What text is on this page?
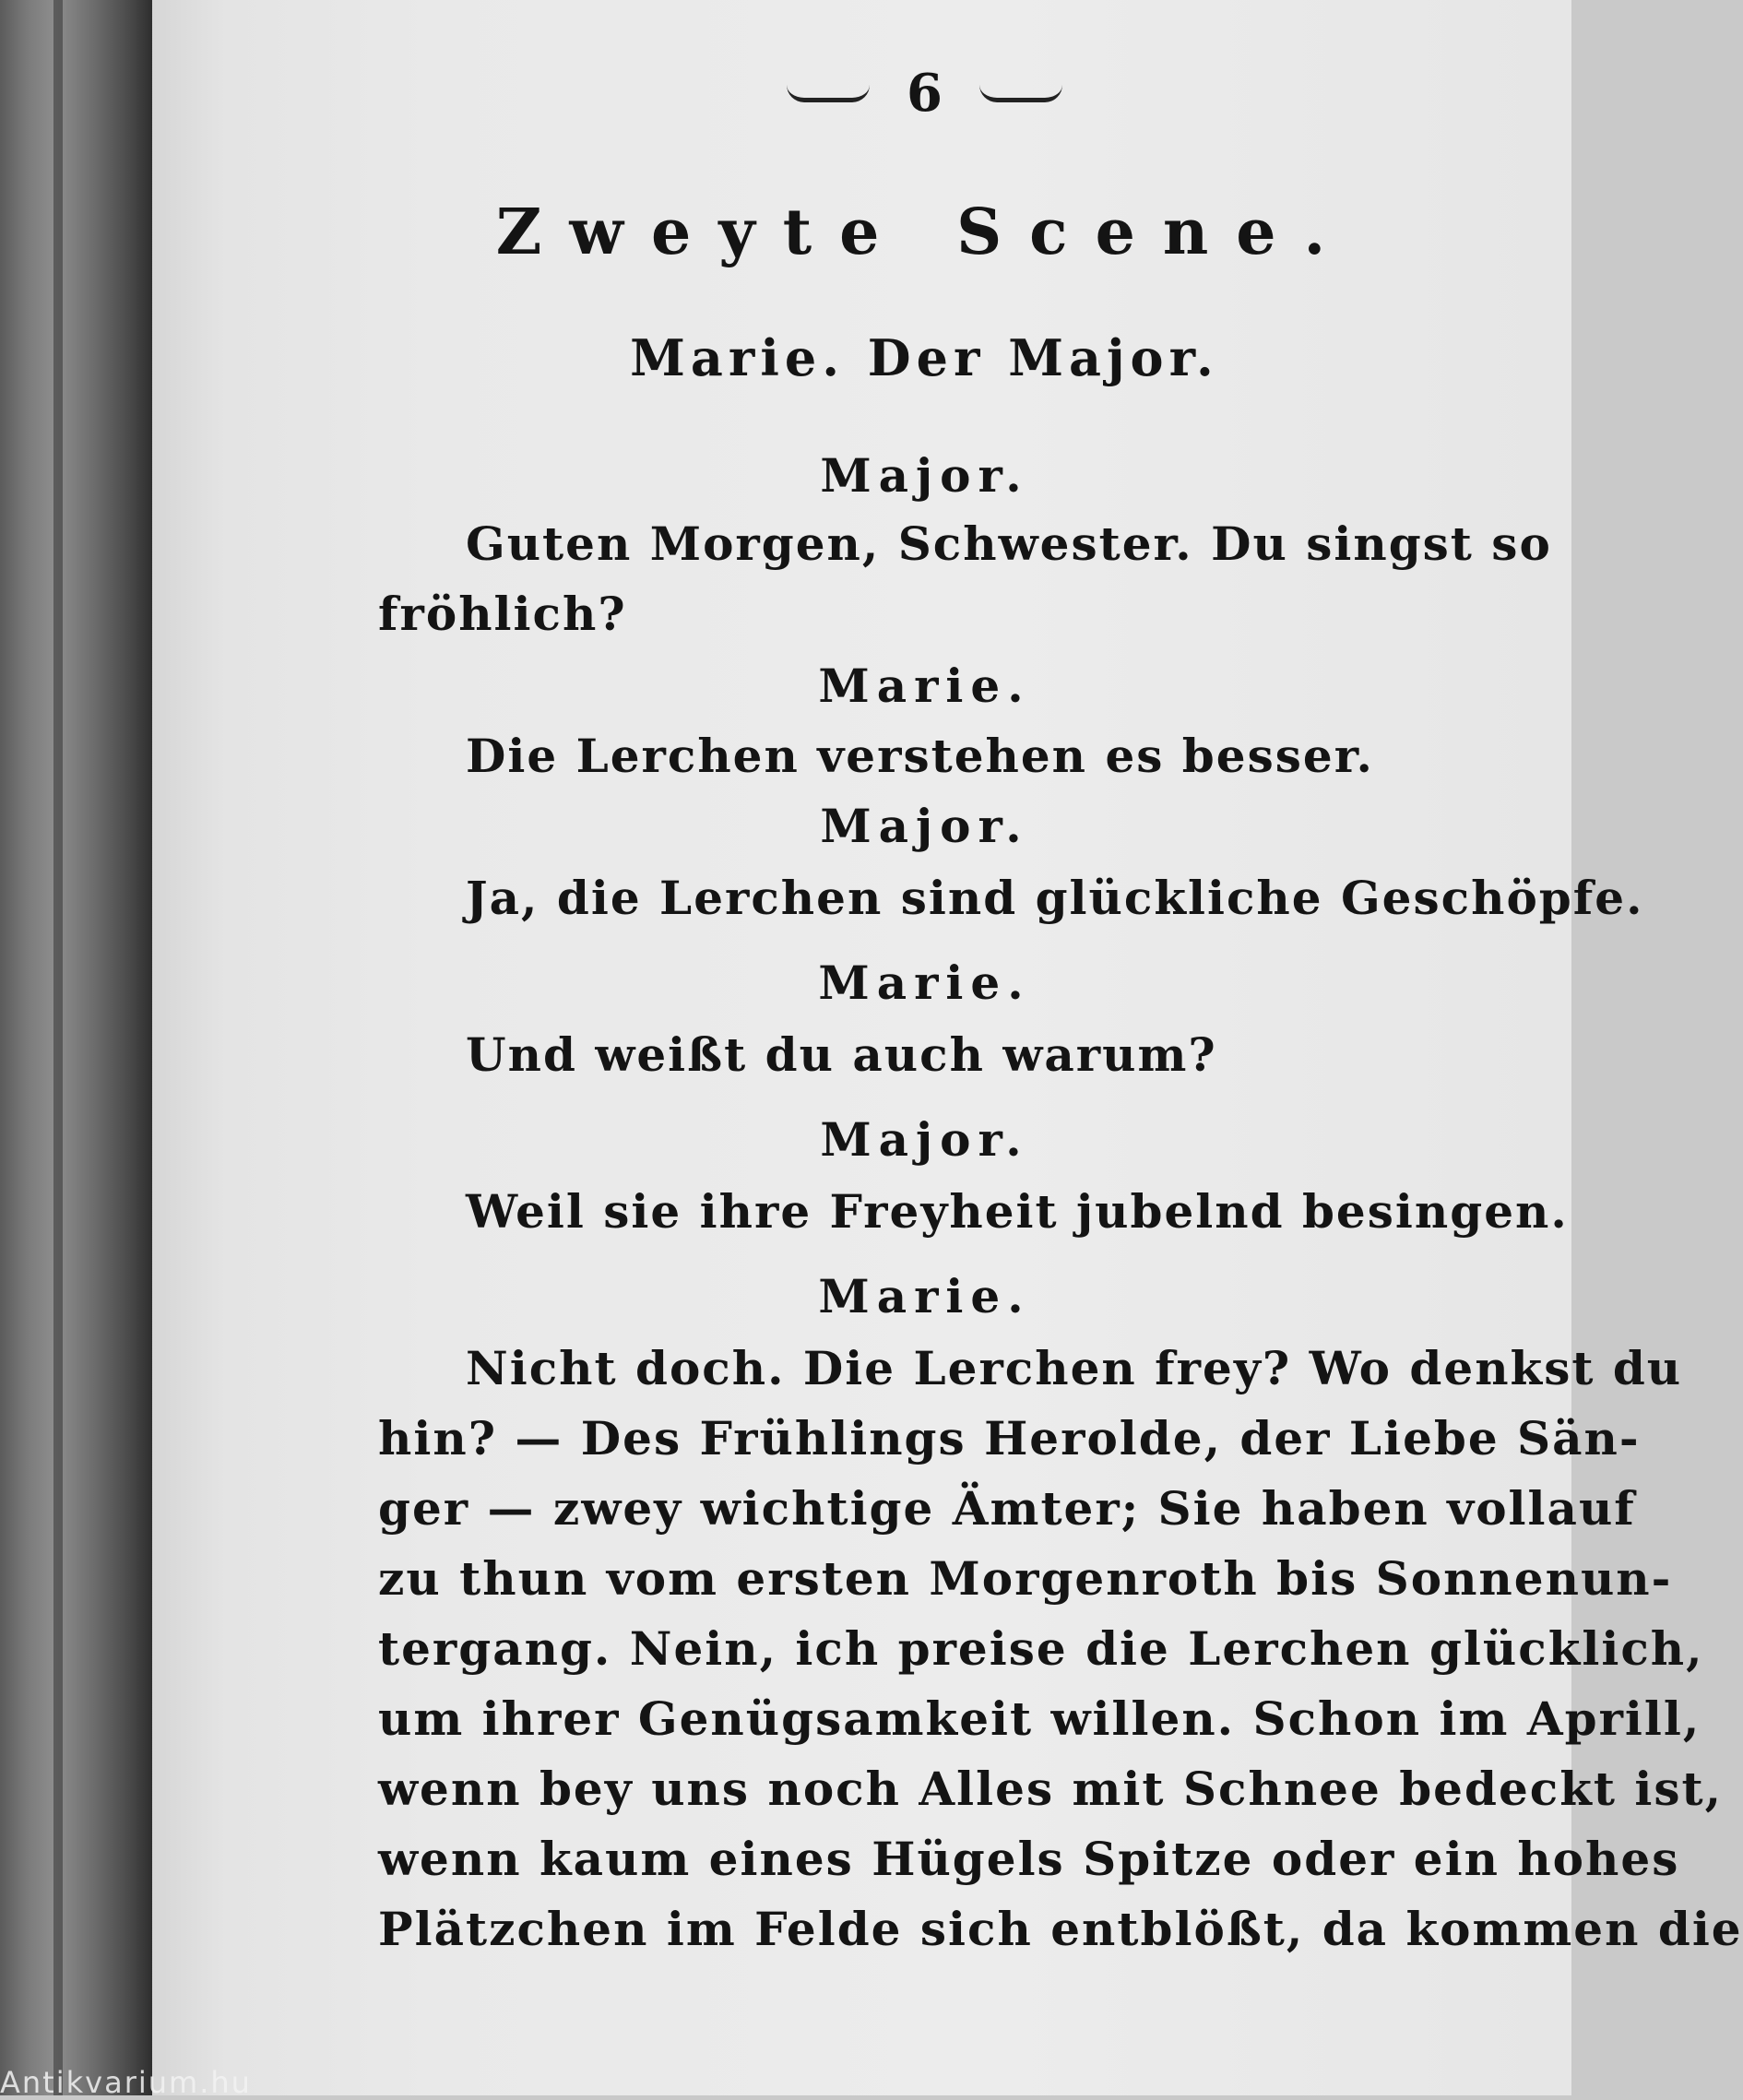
6
Zweyte Scene.
Marie. Der Major.
Major.
Guten Morgen, Schwester. Du singst so
fröhlich?
Marie.
Die Lerchen verstehen es besser.
Major.
Ja, die Lerchen sind glückliche Geschöpfe.
Marie.
Und weißt du auch warum?
Major.
Weil sie ihre Freyheit jubelnd besingen.
Marie.
Nicht doch. Die Lerchen frey? Wo denkst du
hin? — Des Frühlings Herolde, der Liebe Sän-
ger — zwey wichtige Ämter; Sie haben vollauf
zu thun vom ersten Morgenroth bis Sonnenun-
tergang. Nein, ich preise die Lerchen glücklich,
um ihrer Genügsamkeit willen. Schon im Aprill,
wenn bey uns noch Alles mit Schnee bedeckt ist,
wenn kaum eines Hügels Spitze oder ein hohes
Plätzchen im Felde sich entblößt, da kommen die
Antikvarium.hu
